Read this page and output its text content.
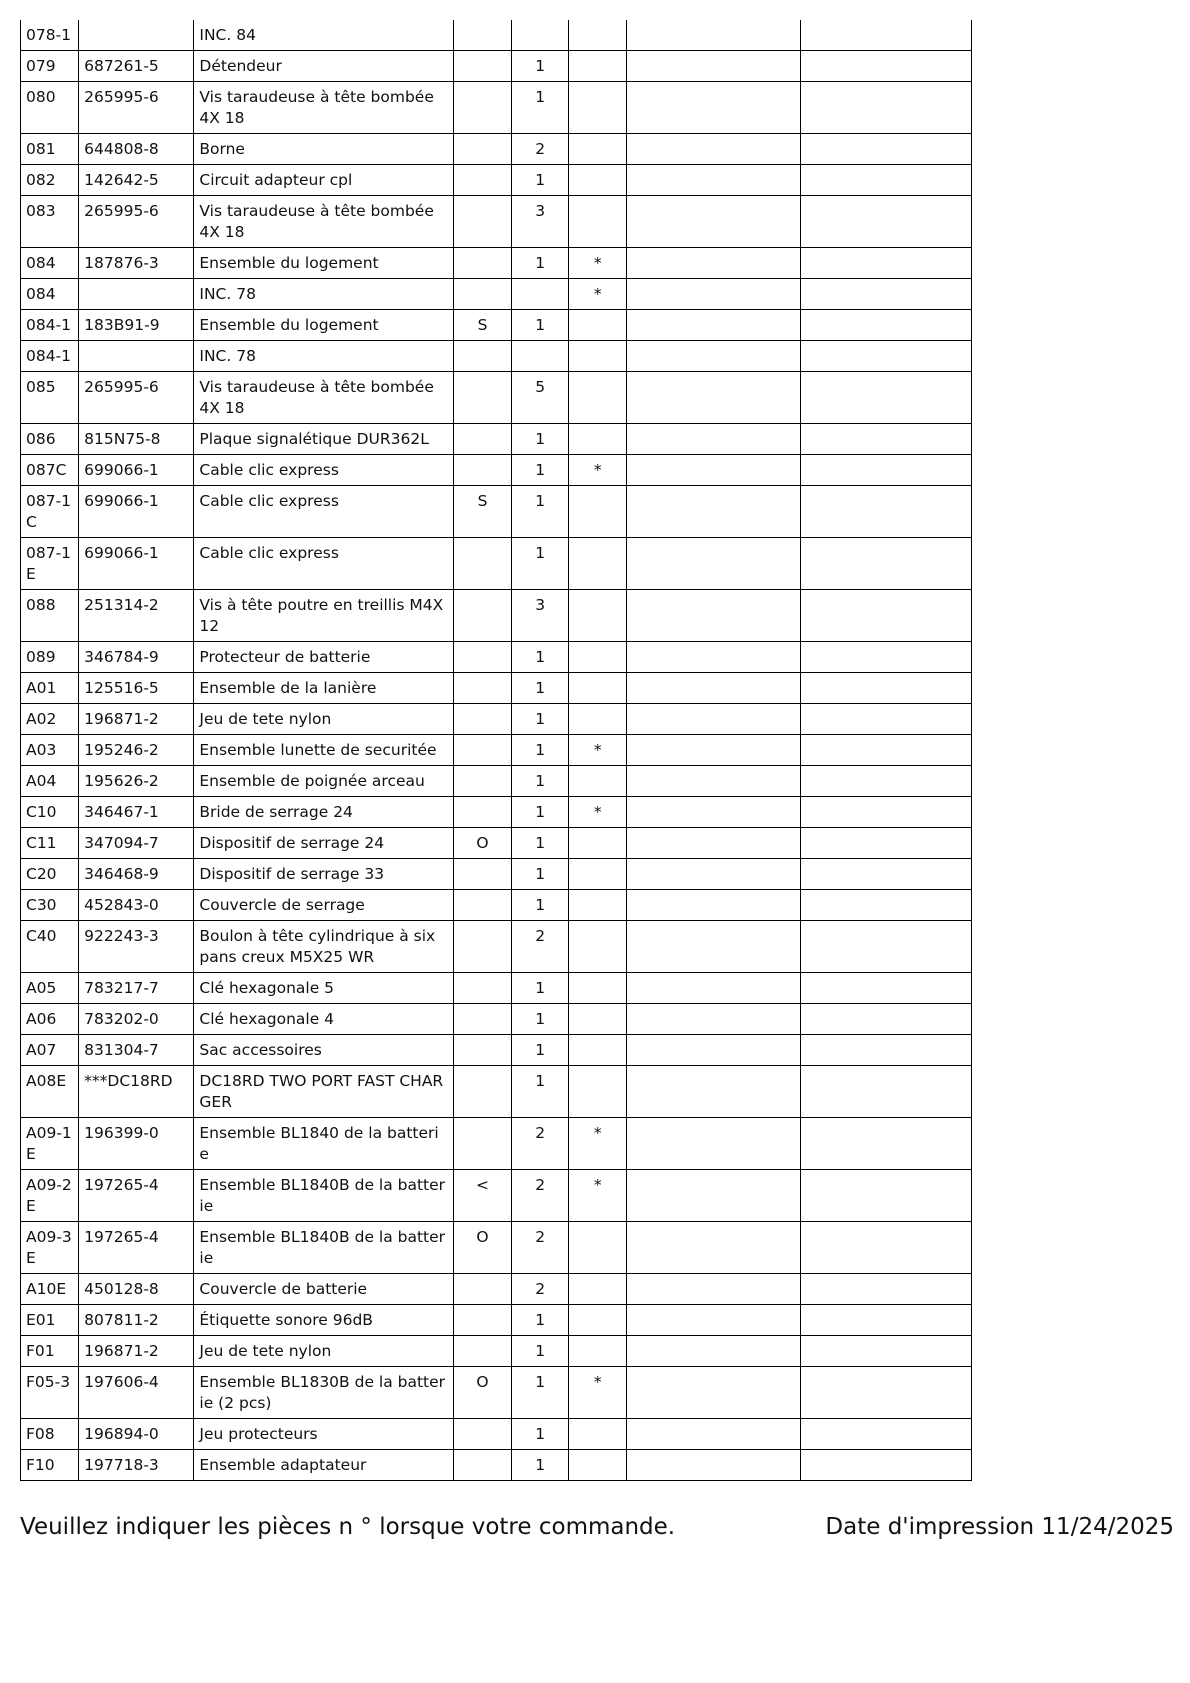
078-1		INC. 84					
079	687261-5	Détendeur		1			
080	265995-6	Vis taraudeuse à tête bombée 4X 18		1			
081	644808-8	Borne		2			
082	142642-5	Circuit adapteur cpl		1			
083	265995-6	Vis taraudeuse à tête bombée 4X 18		3			
084	187876-3	Ensemble du logement		1	*		
084		INC. 78			*		
084-1	183B91-9	Ensemble du logement	S	1			
084-1		INC. 78					
085	265995-6	Vis taraudeuse à tête bombée 4X 18		5			
086	815N75-8	Plaque signalétique DUR362L		1			
087C	699066-1	Cable clic express		1	*		
087-1C	699066-1	Cable clic express	S	1			
087-1E	699066-1	Cable clic express		1			
088	251314-2	Vis à tête poutre en treillis M4X12		3			
089	346784-9	Protecteur de batterie		1			
A01	125516-5	Ensemble de la lanière		1			
A02	196871-2	Jeu de tete nylon		1			
A03	195246-2	Ensemble lunette de securitée		1	*		
A04	195626-2	Ensemble de poignée arceau		1			
C10	346467-1	Bride de serrage 24		1	*		
C11	347094-7	Dispositif de serrage 24	O	1			
C20	346468-9	Dispositif de serrage 33		1			
C30	452843-0	Couvercle de serrage		1			
C40	922243-3	Boulon à tête cylindrique à six pans creux M5X25 WR		2			
A05	783217-7	Clé hexagonale 5		1			
A06	783202-0	Clé hexagonale 4		1			
A07	831304-7	Sac accessoires		1			
A08E	***DC18RD	DC18RD TWO PORT FAST CHARGER		1			
A09-1E	196399-0	Ensemble BL1840 de la batterie		2	*		
A09-2E	197265-4	Ensemble BL1840B de la batterie	<	2	*		
A09-3E	197265-4	Ensemble BL1840B de la batterie	O	2			
A10E	450128-8	Couvercle de batterie		2			
E01	807811-2	Étiquette sonore 96dB		1			
F01	196871-2	Jeu de tete nylon		1			
F05-3	197606-4	Ensemble BL1830B de la batterie (2 pcs)	O	1	*		
F08	196894-0	Jeu protecteurs		1			
F10	197718-3	Ensemble adaptateur		1			
Veuillez indiquer les pièces n ° lorsque votre commande.	Date d'impression 11/24/2025
